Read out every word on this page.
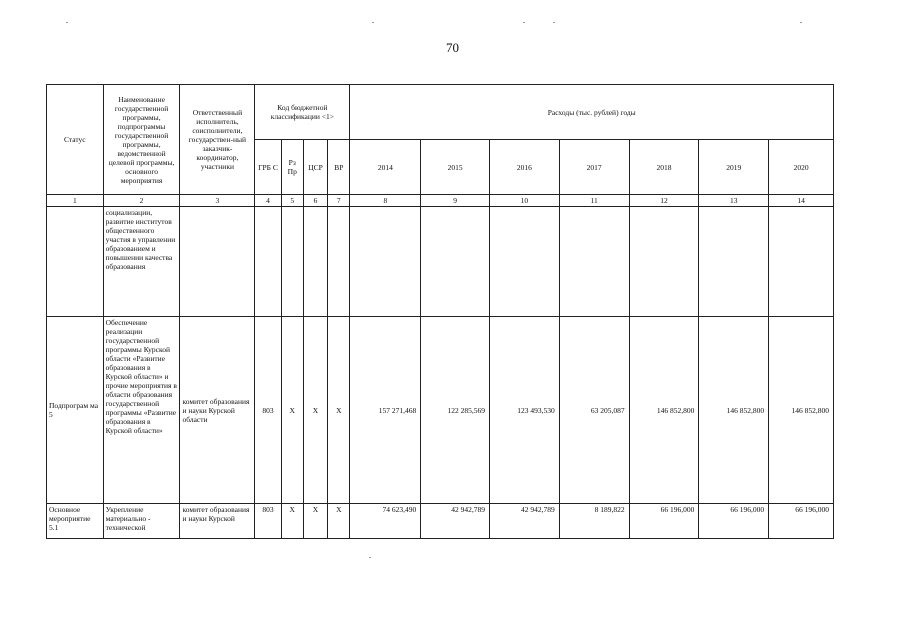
70
Статус	Наименование государственной программы, подпрограммы государственной программы, ведомственной целевой программы, основного мероприятия	Ответственный исполнитель, соисполнители, государствен-ный заказчик-координатор, участники	Код бюджетной классификации <1>				Расходы (тыс. рублей) годы						
			ГРБ С	Рз Пр	ЦСР	ВР	2014	2015	2016	2017	2018	2019	2020
1	2	3	4	5	6	7	8	9	10	11	12	13	14
	социализации, развитие институтов общественного участия в управлении образованием и повышении качества образования												
Подпрограм ма 5	Обеспечение реализации государственной программы Курской области «Развитие образования в Курской области» и прочие мероприятия в области образования государственной программы «Развитие образования в Курской области»	комитет образования и науки Курской области	803	Х	Х	Х	157 271,468	122 285,569	123 493,530	63 205,087	146 852,800	146 852,800	146 852,800
Основное мероприятие 5.1	Укрепление материально - технической	комитет образования и науки Курской	803	Х	Х	Х	74 623,490	42 942,789	42 942,789	8 189,822	66 196,000	66 196,000	66 196,000
